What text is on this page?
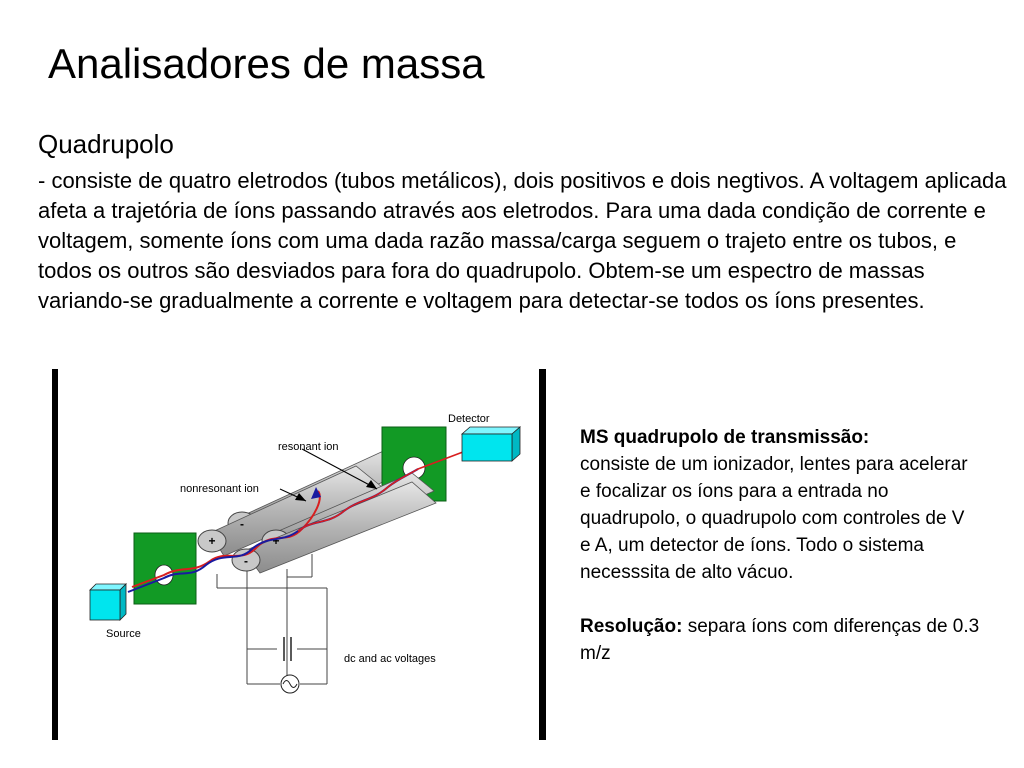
Analisadores de massa
Quadrupolo

- consiste de quatro eletrodos (tubos metálicos), dois positivos e dois negtivos. A voltagem aplicada afeta a trajetória de íons passando através aos eletrodos. Para uma dada condição de corrente e voltagem, somente íons com uma dada razão massa/carga seguem o trajeto entre os tubos, e todos os outros são desviados para fora do quadrupolo. Obtem-se um espectro de massas variando-se gradualmente a corrente e voltagem para detectar-se todos os íons presentes.

-
+	+
-
Detector
resonant ion
nonresonant ion
Source
dc and ac voltages

MS quadrupolo de transmissão:
consiste de um ionizador, lentes para acelerar e focalizar os íons para a entrada no quadrupolo, o quadrupolo com controles de V e A, um detector de íons. Todo o sistema necesssita de alto vácuo.

Resolução: separa íons com diferenças de 0.3 m/z
